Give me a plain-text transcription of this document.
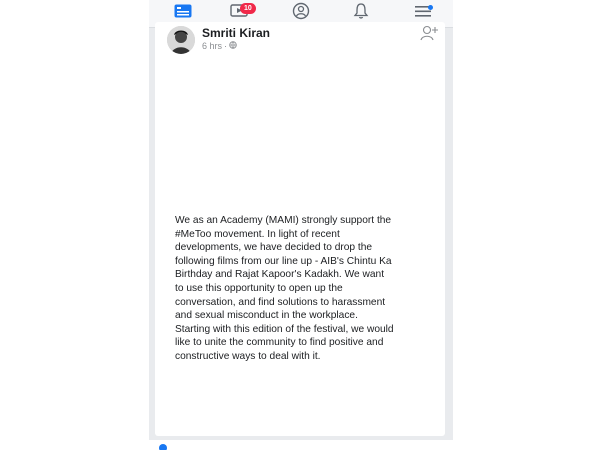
10
Smriti Kiran
6 hrs ·
We as an Academy (MAMI) strongly support the
#MeToo movement. In light of recent
developments, we have decided to drop the
following films from our line up - AIB's Chintu Ka
Birthday and Rajat Kapoor's Kadakh. We want
to use this opportunity to open up the
conversation, and find solutions to harassment
and sexual misconduct in the workplace.
Starting with this edition of the festival, we would
like to unite the community to find positive and
constructive ways to deal with it.
